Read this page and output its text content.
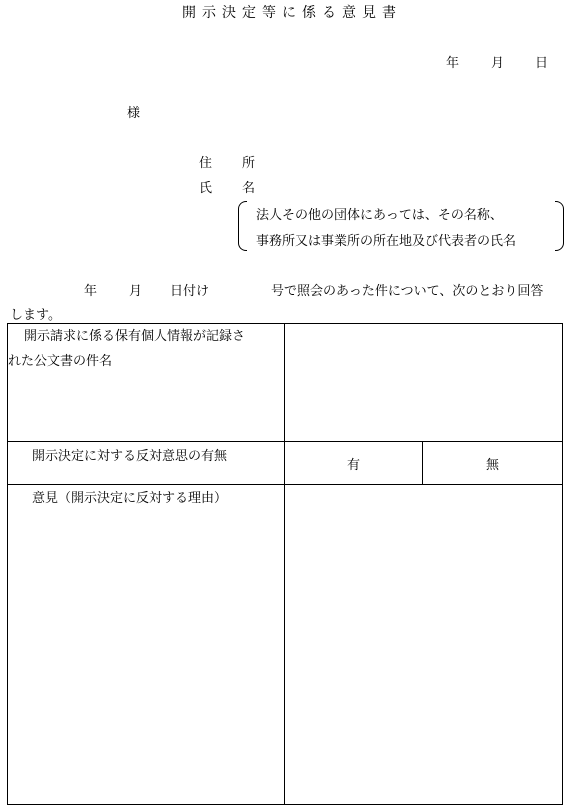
開示決定等に係る意見書
年 月 日
様
住 所
氏 名
法人その他の団体にあっては、その名称、
事務所又は事業所の所在地及び代表者の氏名
年 月 日付け	号で照会のあった件について、次のとおり回答
します。
開示請求に係る保有個人情報が記録さ
れた公文書の件名		

開示決定に対する反対意思の有無	有	無
意見（開示決定に反対する理由）		
